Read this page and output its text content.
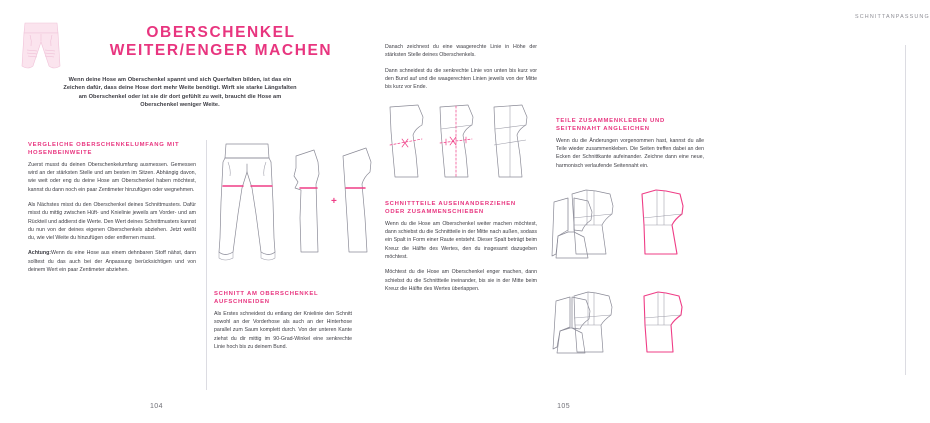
OBERSCHENKEL
WEITER/ENGER MACHEN

Wenn deine Hose am Oberschenkel spannt und sich Querfalten bilden, ist das ein Zeichen dafür, dass deine Hose dort mehr Weite benötigt. Wirft sie starke Längsfalten am Oberschenkel oder ist sie dir dort gefühlt zu weit, braucht die Hose am Oberschenkel weniger Weite.

VERGLEICHE OBERSCHENKELUMFANG MIT HOSENBEINWEITE

Zuerst musst du deinen Oberschenkelumfang ausmessen. Gemessen wird an der stärksten Stelle und am besten im Sitzen. Abhängig davon, wie weit oder eng du deine Hose am Oberschenkel haben möchtest, kannst du dann noch ein paar Zentimeter hinzufügen oder wegnehmen.

Als Nächstes misst du den Oberschenkel deines Schnittmusters. Dafür misst du mittig zwischen Hüft- und Knielinie jeweils am Vorder- und am Rückteil und addierst die Werte. Den Wert deines Schnittmusters kannst du nun von der deines eigenen Oberschenkels abziehen. Jetzt weißt du, wie viel Weite du hinzufügen oder entfernen musst.

Achtung:Wenn du eine Hose aus einem dehnbaren Stoff nähst, dann solltest du das auch bei der Anpassung berücksichtigen und von deinem Wert ein paar Zentimeter abziehen.

+
SCHNITT AM OBERSCHENKEL AUFSCHNEIDEN

Als Erstes schneidest du entlang der Knielinie den Schnitt sowohl an der Vorderhose als auch an der Hinterhose parallel zum Saum komplett durch. Von der unteren Kante ziehst du dir mittig im 90-Grad-Winkel eine senkrechte Linie hoch bis zu deinem Bund.

104
SCHNITTANPASSUNG

Danach zeichnest du eine waagerechte Linie in Höhe der stärksten Stelle deines Oberschenkels.

Dann schneidest du die senkrechte Linie von unten bis kurz vor den Bund auf und die waagerechten Linien jeweils von der Mitte bis kurz vor Ende.

SCHNITTTEILE AUSEINANDERZIEHEN ODER ZUSAMMENSCHIEBEN

Wenn du die Hose am Oberschenkel weiter machen möchtest, dann schiebst du die Schnittteile in der Mitte nach außen, sodass ein Spalt in Form einer Raute entsteht. Dieser Spalt beträgt beim Kreuz die Hälfte des Wertes, den du insgesamt dazugeben möchtest.

Möchtest du die Hose am Oberschenkel enger machen, dann schiebst du die Schnittteile ineinander, bis sie in der Mitte beim Kreuz die Hälfte des Wertes überlappen.

TEILE ZUSAMMENKLEBEN UND SEITENNAHT ANGLEICHEN

Wenn du die Änderungen vorgenommen hast, kannst du alle Teile wieder zusammenkleben. Die Seiten treffen dabei an den Ecken der Schnittkante aufeinander. Zeichne dann eine neue, harmonisch verlaufende Seitennaht ein.

105
